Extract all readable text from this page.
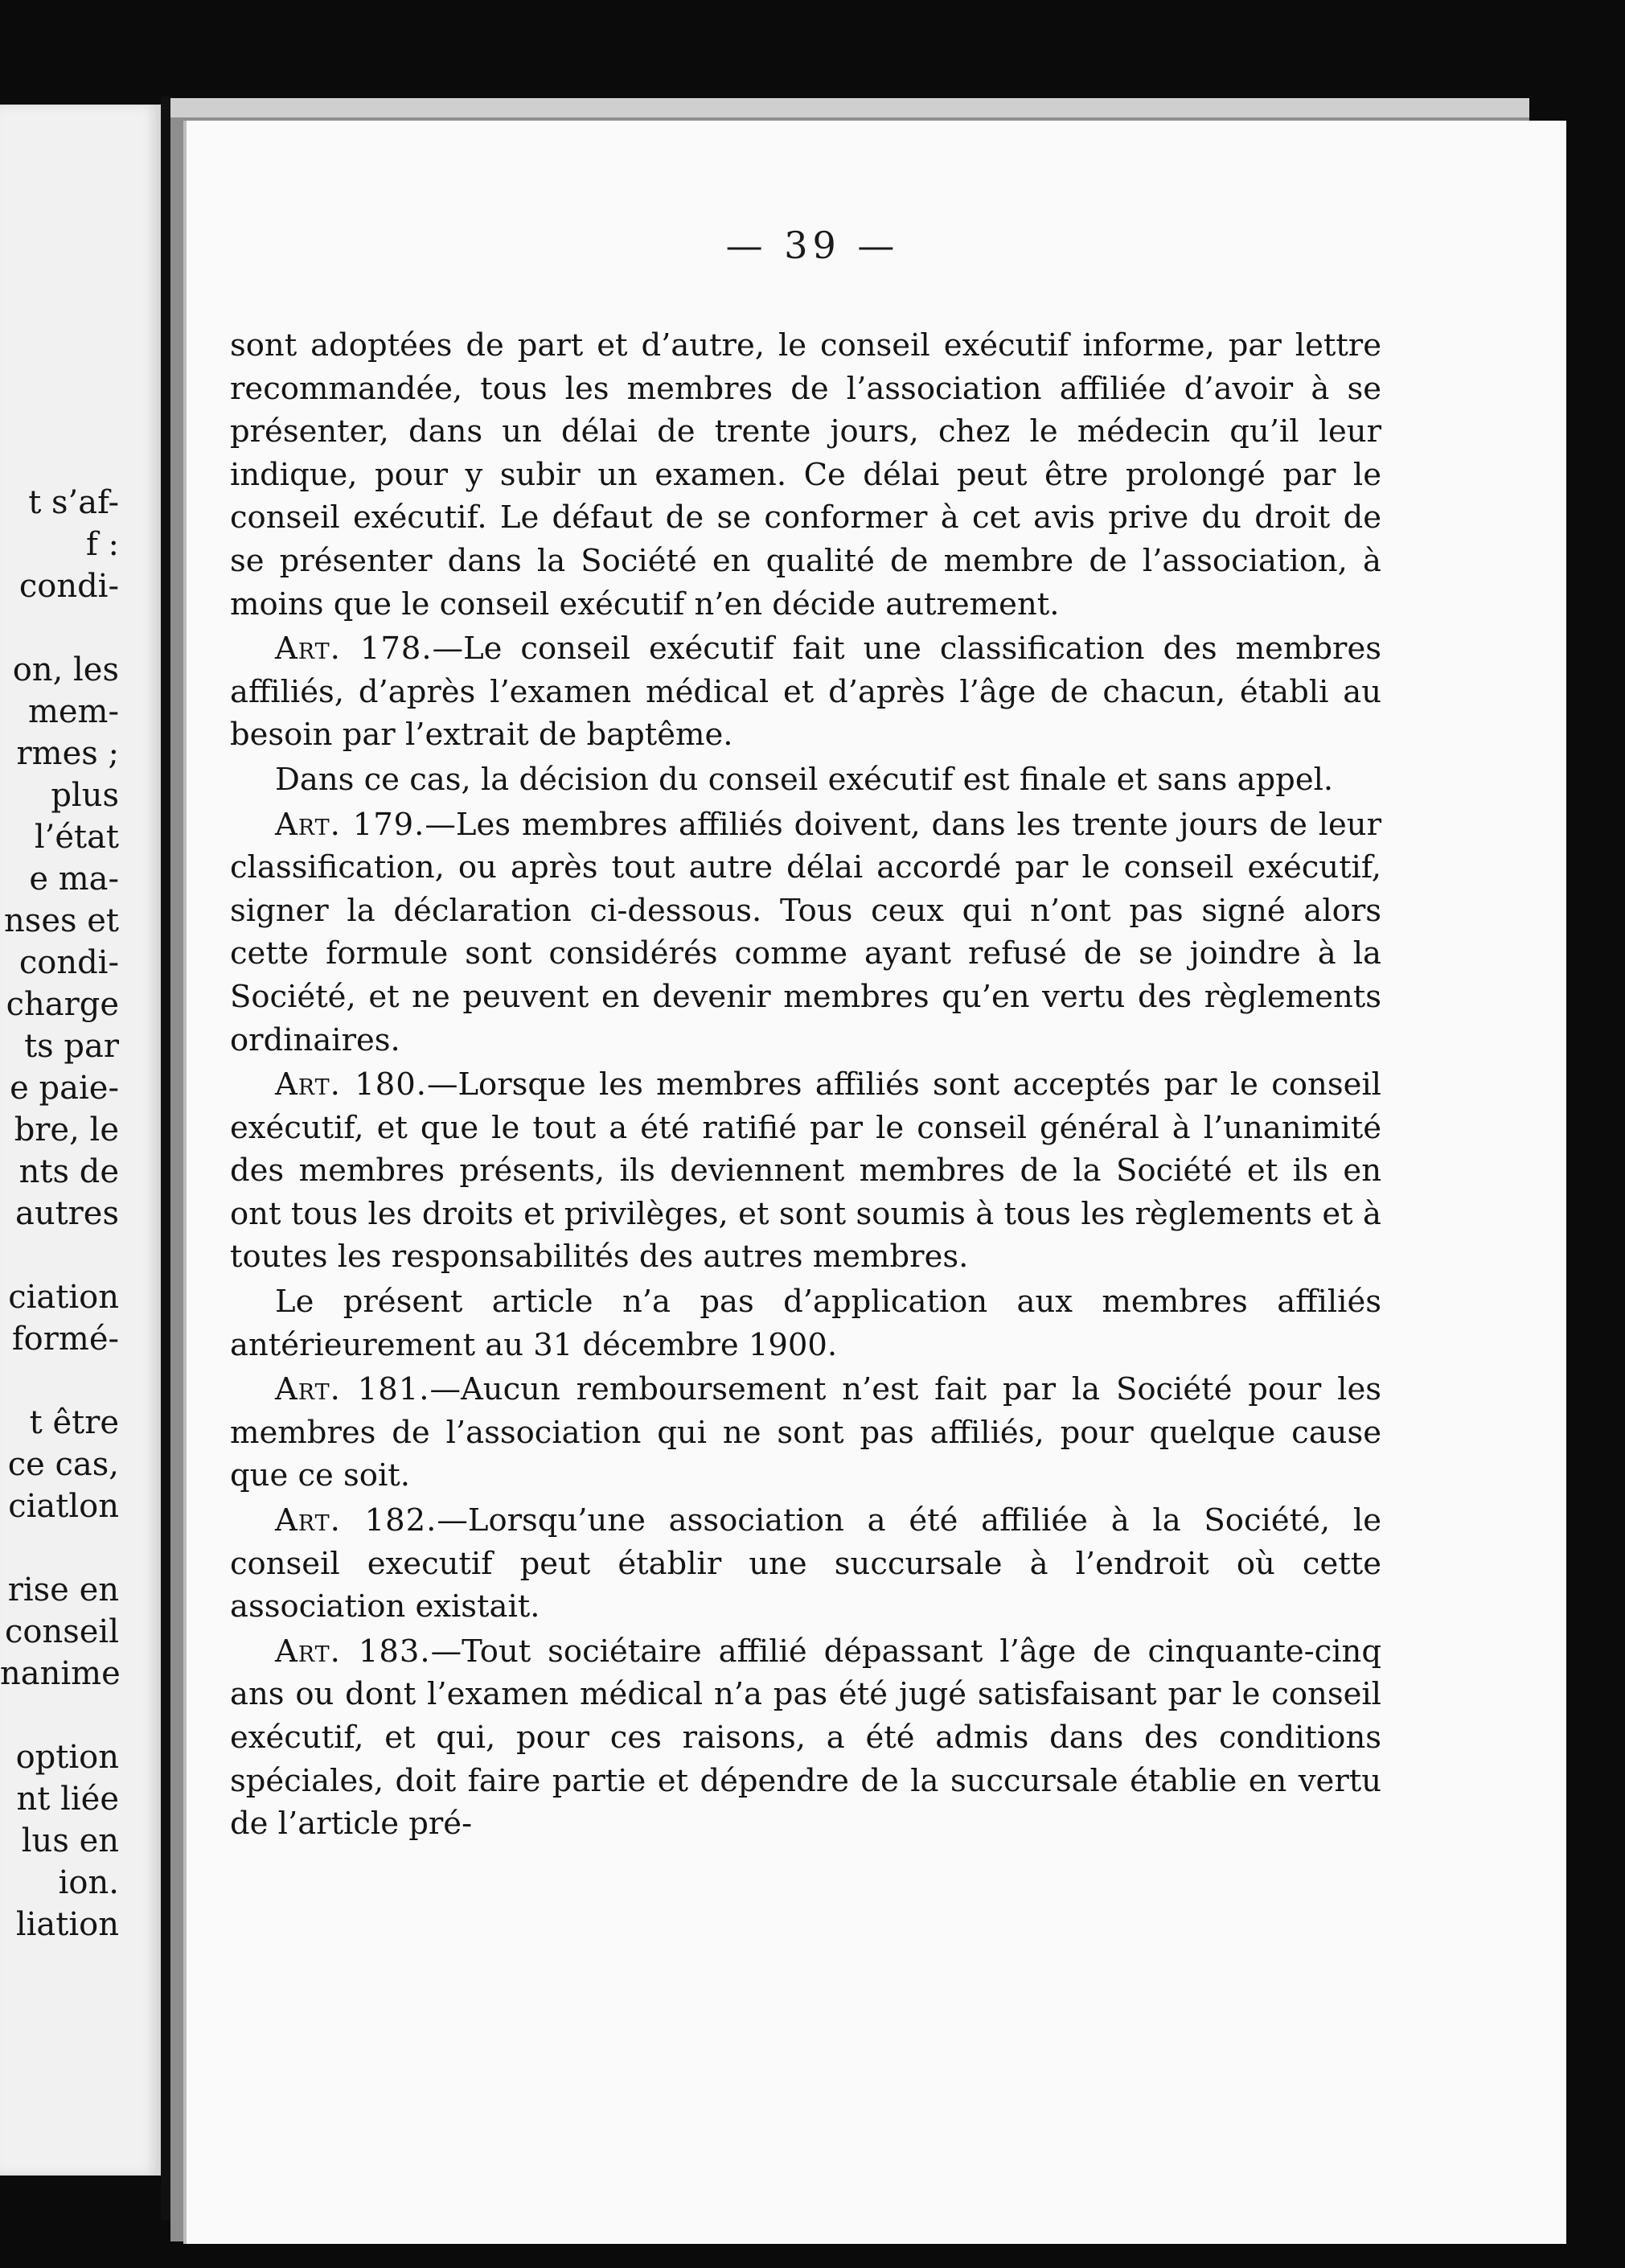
t s’af-
f :
condi-
on, les
mem-
rmes ;
plus
l’état
e ma-
nses et
condi-
charge
ts par
e paie-
bre, le
nts de
autres
ciation
formé-
t être
ce cas,
ciatlon
rise en
conseil
nanime
option
nt liée
lus en
ion.
liation
— 39 —

sont adoptées de part et d’autre, le conseil exécutif informe, par lettre recommandée, tous les membres de l’association affiliée d’avoir à se présenter, dans un délai de trente jours, chez le médecin qu’il leur indique, pour y subir un examen. Ce délai peut être prolongé par le conseil exécutif. Le défaut de se conformer à cet avis prive du droit de se présenter dans la Société en qualité de membre de l’association, à moins que le conseil exécutif n’en décide autrement.

Art. 178.—Le conseil exécutif fait une classification des membres affiliés, d’après l’examen médical et d’après l’âge de chacun, établi au besoin par l’extrait de baptême.

Dans ce cas, la décision du conseil exécutif est finale et sans appel.

Art. 179.—Les membres affiliés doivent, dans les trente jours de leur classification, ou après tout autre délai accordé par le conseil exécutif, signer la déclaration ci-dessous. Tous ceux qui n’ont pas signé alors cette formule sont considérés comme ayant refusé de se joindre à la Société, et ne peuvent en devenir membres qu’en vertu des règlements ordinaires.

Art. 180.—Lorsque les membres affiliés sont acceptés par le conseil exécutif, et que le tout a été ratifié par le conseil général à l’unanimité des membres présents, ils deviennent membres de la Société et ils en ont tous les droits et privilèges, et sont soumis à tous les règlements et à toutes les responsabilités des autres membres.

Le présent article n’a pas d’application aux membres affiliés antérieurement au 31 décembre 1900.

Art. 181.—Aucun remboursement n’est fait par la Société pour les membres de l’association qui ne sont pas affiliés, pour quelque cause que ce soit.

Art. 182.—Lorsqu’une association a été affiliée à la Société, le conseil executif peut établir une succursale à l’endroit où cette association existait.

Art. 183.—Tout sociétaire affilié dépassant l’âge de cinquante-cinq ans ou dont l’examen médical n’a pas été jugé satisfaisant par le conseil exécutif, et qui, pour ces raisons, a été admis dans des conditions spéciales, doit faire partie et dépendre de la succursale établie en vertu de l’article pré-
